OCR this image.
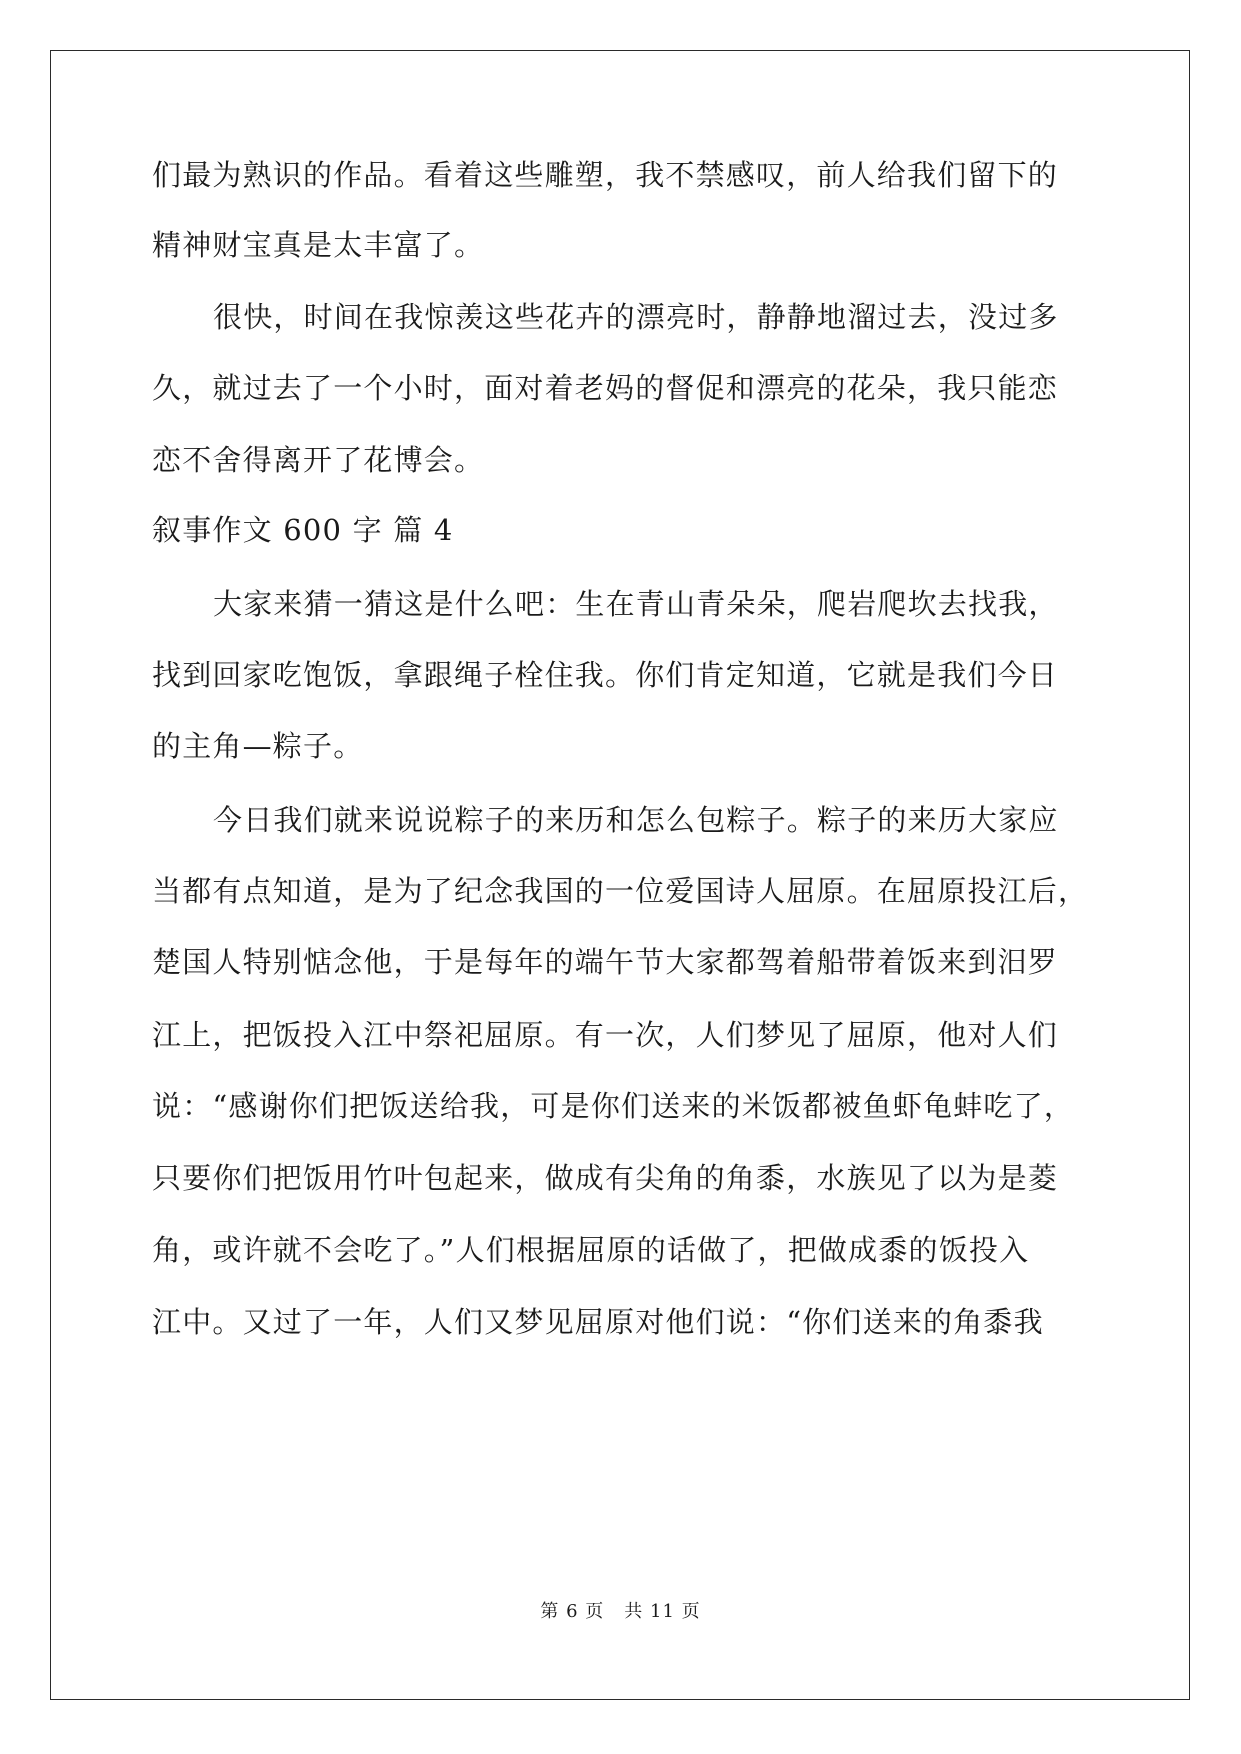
们最为熟识的作品。看着这些雕塑，我不禁感叹，前人给我们留下的
精神财宝真是太丰富了。
很快，时间在我惊羡这些花卉的漂亮时，静静地溜过去，没过多
久，就过去了一个小时，面对着老妈的督促和漂亮的花朵，我只能恋
恋不舍得离开了花博会。
叙事作文 600 字 篇 4
大家来猜一猜这是什么吧：生在青山青朵朵，爬岩爬坎去找我，
找到回家吃饱饭，拿跟绳子栓住我。你们肯定知道，它就是我们今日
的主角—粽子。
今日我们就来说说粽子的来历和怎么包粽子。粽子的来历大家应
当都有点知道，是为了纪念我国的一位爱国诗人屈原。在屈原投江后，
楚国人特别惦念他，于是每年的端午节大家都驾着船带着饭来到汨罗
江上，把饭投入江中祭祀屈原。有一次，人们梦见了屈原，他对人们
说：“感谢你们把饭送给我，可是你们送来的米饭都被鱼虾龟蚌吃了，
只要你们把饭用竹叶包起来，做成有尖角的角黍，水族见了以为是菱
角，或许就不会吃了。”人们根据屈原的话做了，把做成黍的饭投入
江中。又过了一年，人们又梦见屈原对他们说：“你们送来的角黍我
第 6 页 共 11 页
